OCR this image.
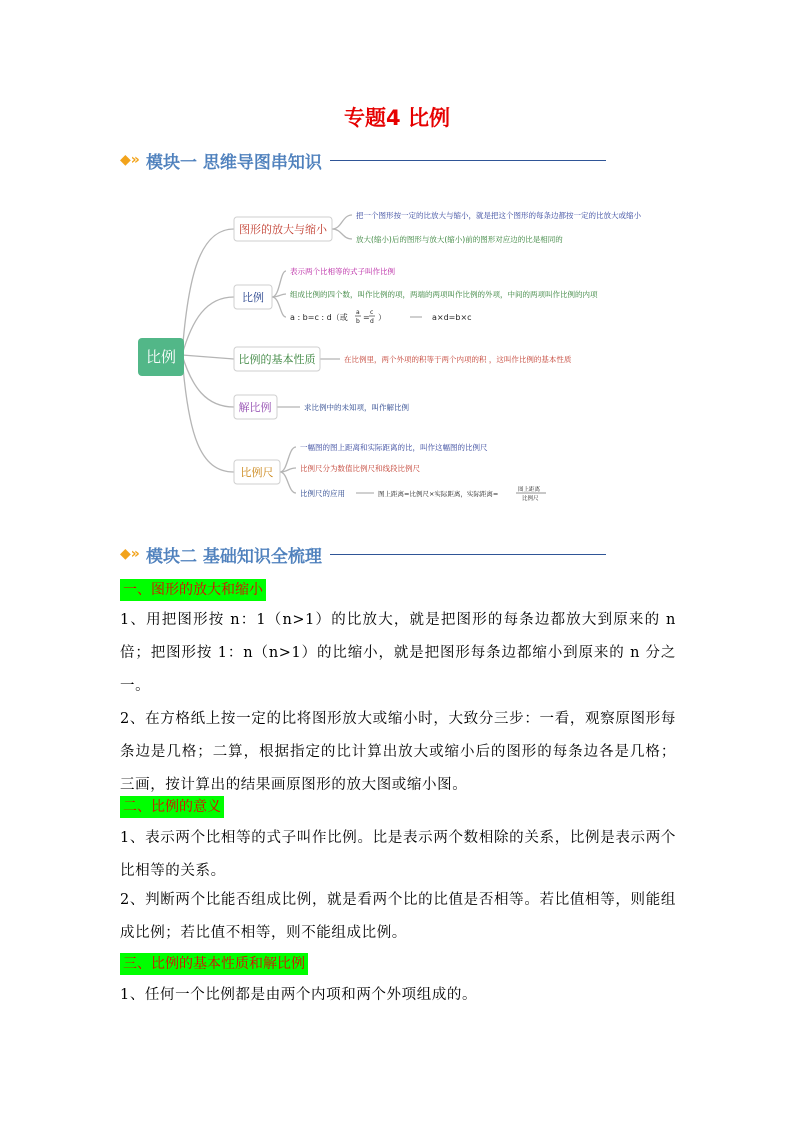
专题4 比例
◆» 模块一 思维导图串知识
比例
图形的放大与缩小
比例
比例的基本性质
解比例
比例尺
把一个图形按一定的比放大与缩小，就是把这个图形的每条边都按一定的比放大或缩小
放大(缩小)后的图形与放大(缩小)前的图形对应边的比是相同的
表示两个比相等的式子叫作比例
组成比例的四个数，叫作比例的项，两端的两项叫作比例的外项，中间的两项叫作比例的内项
a : b=c : d（或
a
b =
c
d ）	a×d=b×c
在比例里，两个外项的积等于两个内项的积 ，这叫作比例的基本性质
求比例中的未知项，叫作解比例
一幅图的图上距离和实际距离的比，叫作这幅图的比例尺
比例尺分为数值比例尺和线段比例尺
比例尺的应用	图上距离=比例尺×实际距离，实际距离=	图上距离
比例尺
◆» 模块二 基础知识全梳理
一、图形的放大和缩小

1、用把图形按 n：1（n>1）的比放大，就是把图形的每条边都放大到原来的 n 倍；把图形按 1：n（n>1）的比缩小，就是把图形每条边都缩小到原来的 n 分之一。

2、在方格纸上按一定的比将图形放大或缩小时，大致分三步：一看，观察原图形每条边是几格；二算，根据指定的比计算出放大或缩小后的图形的每条边各是几格；三画，按计算出的结果画原图形的放大图或缩小图。

二、比例的意义

1、表示两个比相等的式子叫作比例。比是表示两个数相除的关系，比例是表示两个比相等的关系。

2、判断两个比能否组成比例，就是看两个比的比值是否相等。若比值相等，则能组成比例；若比值不相等，则不能组成比例。

三、比例的基本性质和解比例

1、任何一个比例都是由两个内项和两个外项组成的。
